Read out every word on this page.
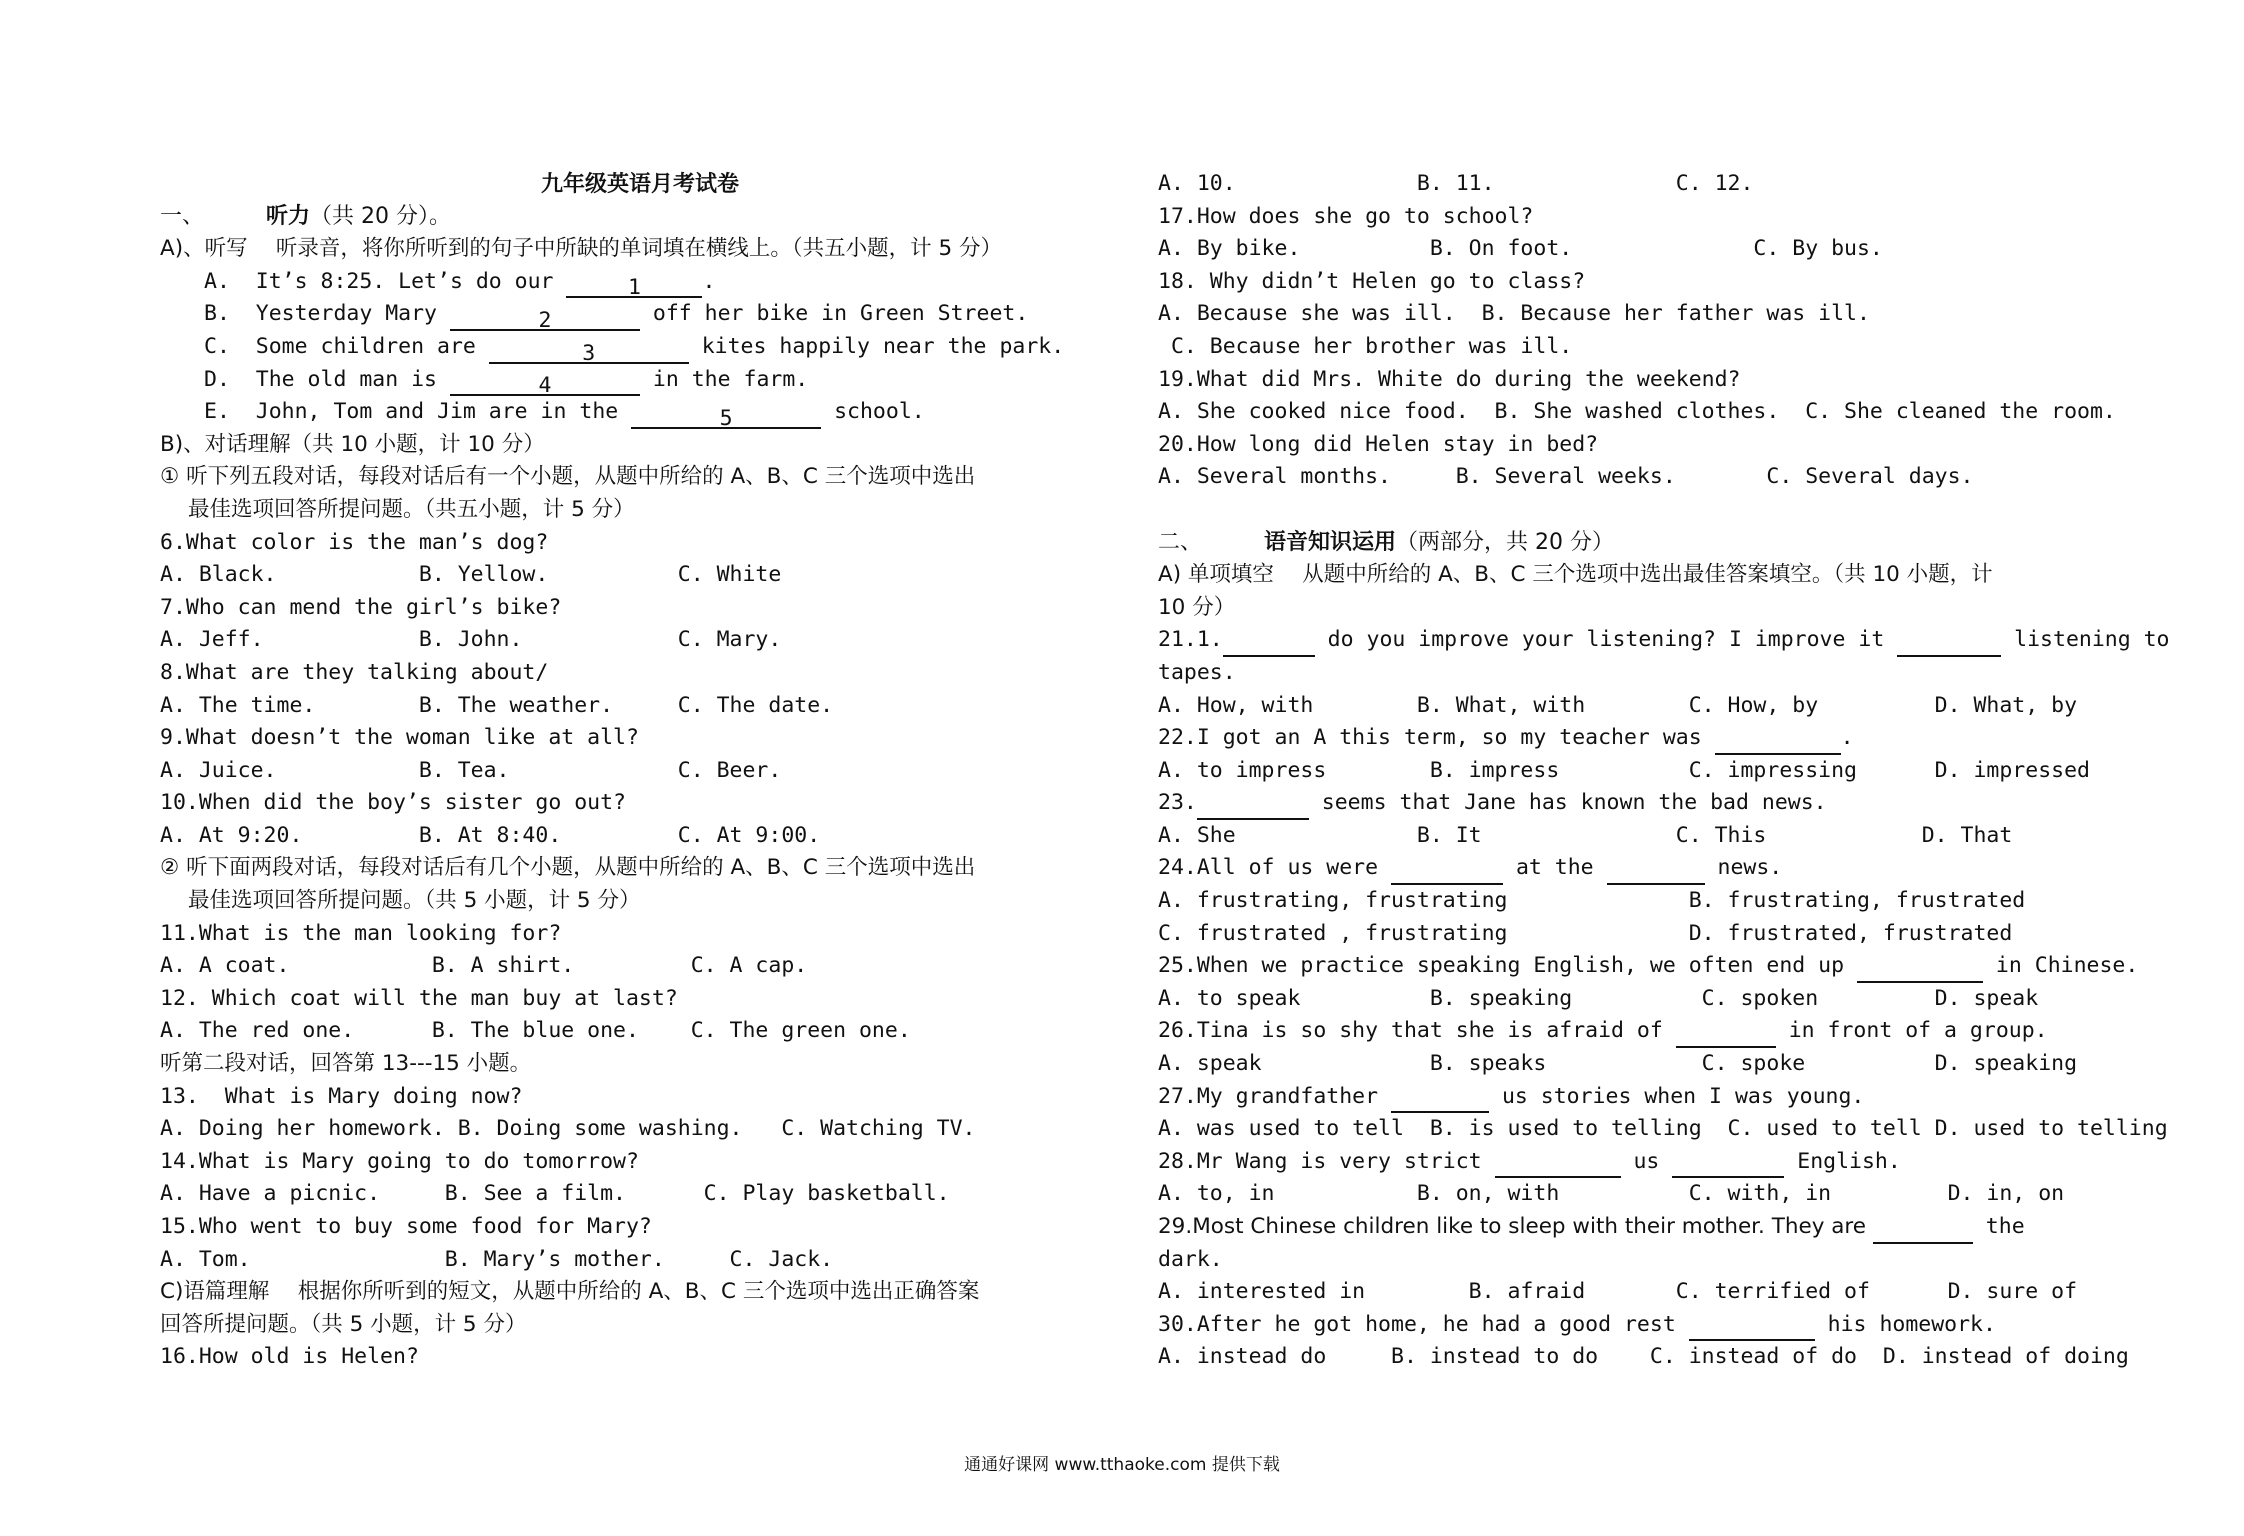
九年级英语月考试卷
一、	听力（共 20 分）。
A)、听写　 听录音，将你所听到的句子中所缺的单词填在横线上。（共五小题，计 5 分）
A.  It’s 8:25. Let’s do our	1	.
B.  Yesterday Mary	2	off her bike in Green Street.
C.  Some children are	3	kites happily near the park.
D.  The old man is	4	in the farm.
E.  John, Tom and Jim are in the	5	school.
B)、对话理解（共 10 小题，计 10 分）
① 听下列五段对话，每段对话后有一个小题，从题中所给的 A、B、C 三个选项中选出
最佳选项回答所提问题。（共五小题，计 5 分）
6.What color is the man’s dog?
A. Black.           B. Yellow.          C. White
7.Who can mend the girl’s bike?
A. Jeff.            B. John.            C. Mary.
8.What are they talking about/
A. The time.        B. The weather.     C. The date.
9.What doesn’t the woman like at all?
A. Juice.           B. Tea.             C. Beer.
10.When did the boy’s sister go out?
A. At 9:20.         B. At 8:40.         C. At 9:00.
② 听下面两段对话，每段对话后有几个小题，从题中所给的 A、B、C 三个选项中选出
最佳选项回答所提问题。（共 5 小题，计 5 分）
11.What is the man looking for?
A. A coat.           B. A shirt.         C. A cap.
12. Which coat will the man buy at last?
A. The red one.      B. The blue one.    C. The green one.
听第二段对话，回答第 13---15 小题。
13.  What is Mary doing now?
A. Doing her homework. B. Doing some washing.   C. Watching TV.
14.What is Mary going to do tomorrow?
A. Have a picnic.     B. See a film.      C. Play basketball.
15.Who went to buy some food for Mary?
A. Tom.               B. Mary’s mother.     C. Jack.
C)语篇理解　 根据你所听到的短文，从题中所给的 A、B、C 三个选项中选出正确答案
回答所提问题。（共 5 小题，计 5 分）
16.How old is Helen?
A. 10.              B. 11.              C. 12.
17.How does she go to school?
A. By bike.          B. On foot.              C. By bus.
18. Why didn’t Helen go to class?
A. Because she was ill.  B. Because her father was ill.
C. Because her brother was ill.
19.What did Mrs. White do during the weekend?
A. She cooked nice food.  B. She washed clothes.  C. She cleaned the room.
20.How long did Helen stay in bed?
A. Several months.     B. Several weeks.       C. Several days.
二、	语音知识运用（两部分，共 20 分）
A) 单项填空　 从题中所给的 A、B、C 三个选项中选出最佳答案填空。（共 10 小题，计
10 分）
21.1.	do you improve your listening? I improve it	listening to
tapes.
A. How, with        B. What, with        C. How, by         D. What, by
22.I got an A this term, so my teacher was	.
A. to impress        B. impress          C. impressing      D. impressed
23.	seems that Jane has known the bad news.
A. She              B. It               C. This            D. That
24.All of us were	at the	news.
A. frustrating, frustrating              B. frustrating, frustrated
C. frustrated , frustrating              D. frustrated, frustrated
25.When we practice speaking English, we often end up	in Chinese.
A. to speak          B. speaking          C. spoken         D. speak
26.Tina is so shy that she is afraid of	in front of a group.
A. speak             B. speaks            C. spoke          D. speaking
27.My grandfather	us stories when I was young.
A. was used to tell  B. is used to telling  C. used to tell D. used to telling
28.Mr Wang is very strict	us	English.
A. to, in           B. on, with          C. with, in         D. in, on
29.Most Chinese children like to sleep with their mother. They are	the
dark.
A. interested in        B. afraid       C. terrified of      D. sure of
30.After he got home, he had a good rest	his homework.
A. instead do     B. instead to do    C. instead of do  D. instead of doing
通通好课网 www.tthaoke.com 提供下载
